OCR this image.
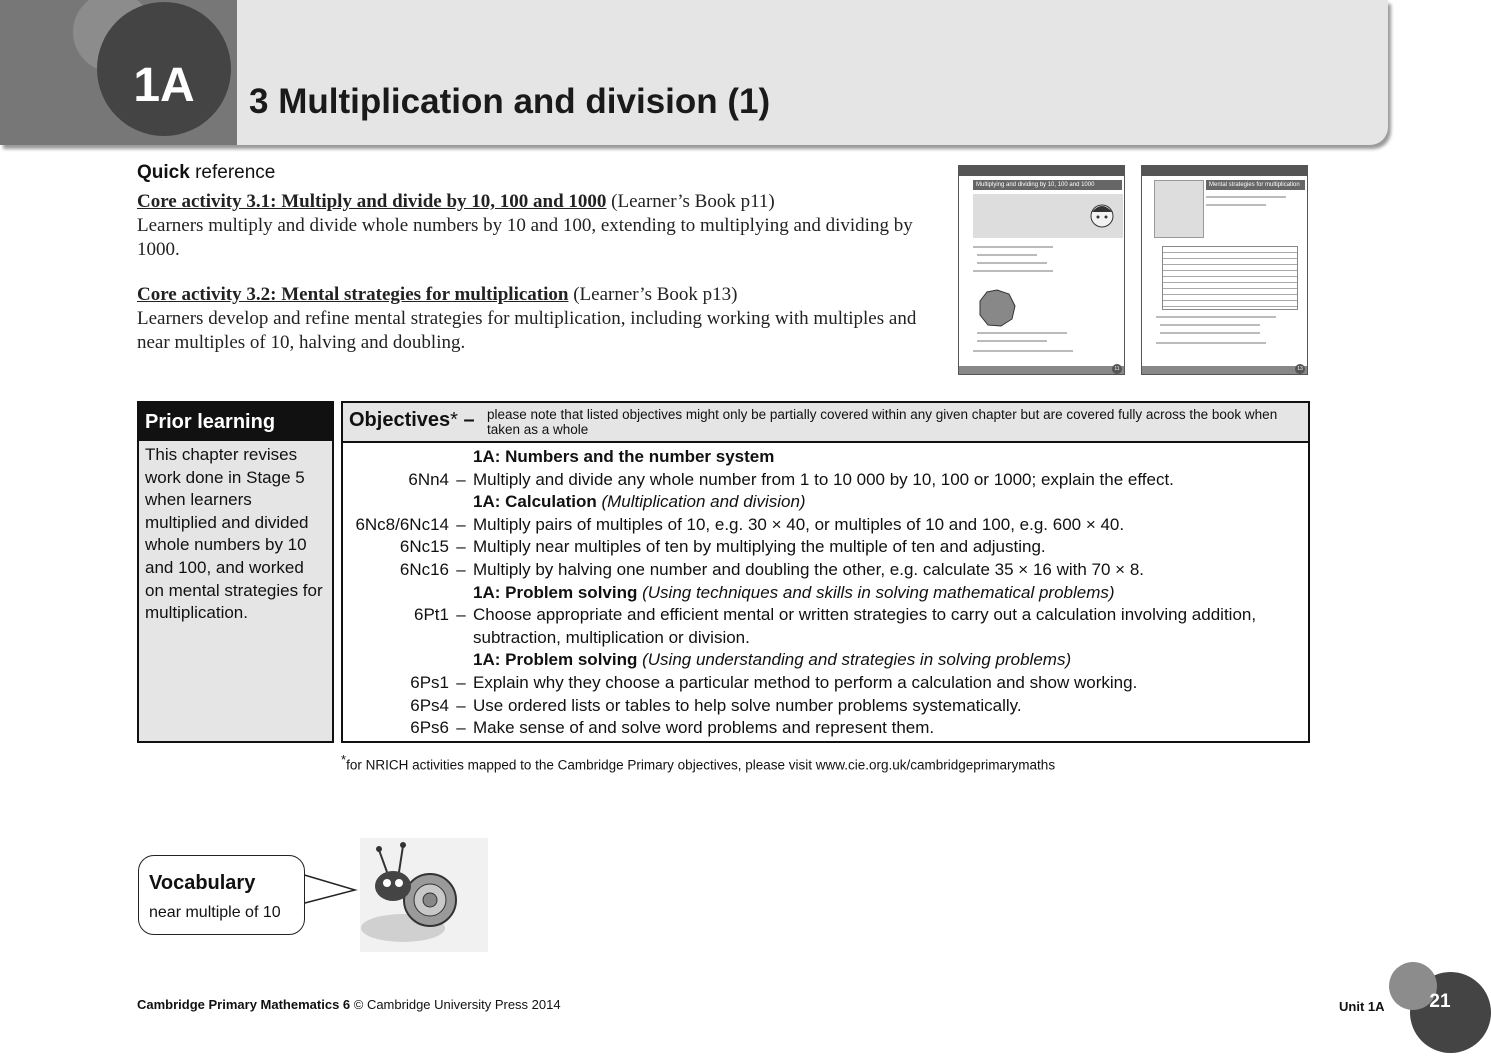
1A	3 Multiplication and division (1)
Quick reference
Core activity 3.1: Multiply and divide by 10, 100 and 1000 (Learner’s Book p11)
Learners multiply and divide whole numbers by 10 and 100, extending to multiplying and dividing by 1000.
Core activity 3.2: Mental strategies for multiplication (Learner’s Book p13)
Learners develop and refine mental strategies for multiplication, including working with multiples and near multiples of 10, halving and doubling.
Multiplying and dividing by 10, 100 and 1000
11
Mental strategies for multiplication
13
Prior learning
This chapter revises work done in Stage 5 when learners multiplied and divided whole numbers by 10 and 100, and worked on mental strategies for multiplication.
Objectives* – please note that listed objectives might only be partially covered within any given chapter but are covered fully across the book when taken as a whole
1A: Numbers and the number system
6Nn4 – Multiply and divide any whole number from 1 to 10 000 by 10, 100 or 1000; explain the effect.
1A: Calculation (Multiplication and division)
6Nc8/6Nc14 – Multiply pairs of multiples of 10, e.g. 30 × 40, or multiples of 10 and 100, e.g. 600 × 40.
6Nc15 – Multiply near multiples of ten by multiplying the multiple of ten and adjusting.
6Nc16 – Multiply by halving one number and doubling the other, e.g. calculate 35 × 16 with 70 × 8.
1A: Problem solving (Using techniques and skills in solving mathematical problems)
6Pt1 – Choose appropriate and efficient mental or written strategies to carry out a calculation involving addition, subtraction, multiplication or division.
1A: Problem solving (Using understanding and strategies in solving problems)
6Ps1 – Explain why they choose a particular method to perform a calculation and show working.
6Ps4 – Use ordered lists or tables to help solve number problems systematically.
6Ps6 – Make sense of and solve word problems and represent them.
*for NRICH activities mapped to the Cambridge Primary objectives, please visit www.cie.org.uk/cambridgeprimarymaths
Vocabulary
near multiple of 10
Cambridge Primary Mathematics 6 © Cambridge University Press 2014	Unit 1A	21
